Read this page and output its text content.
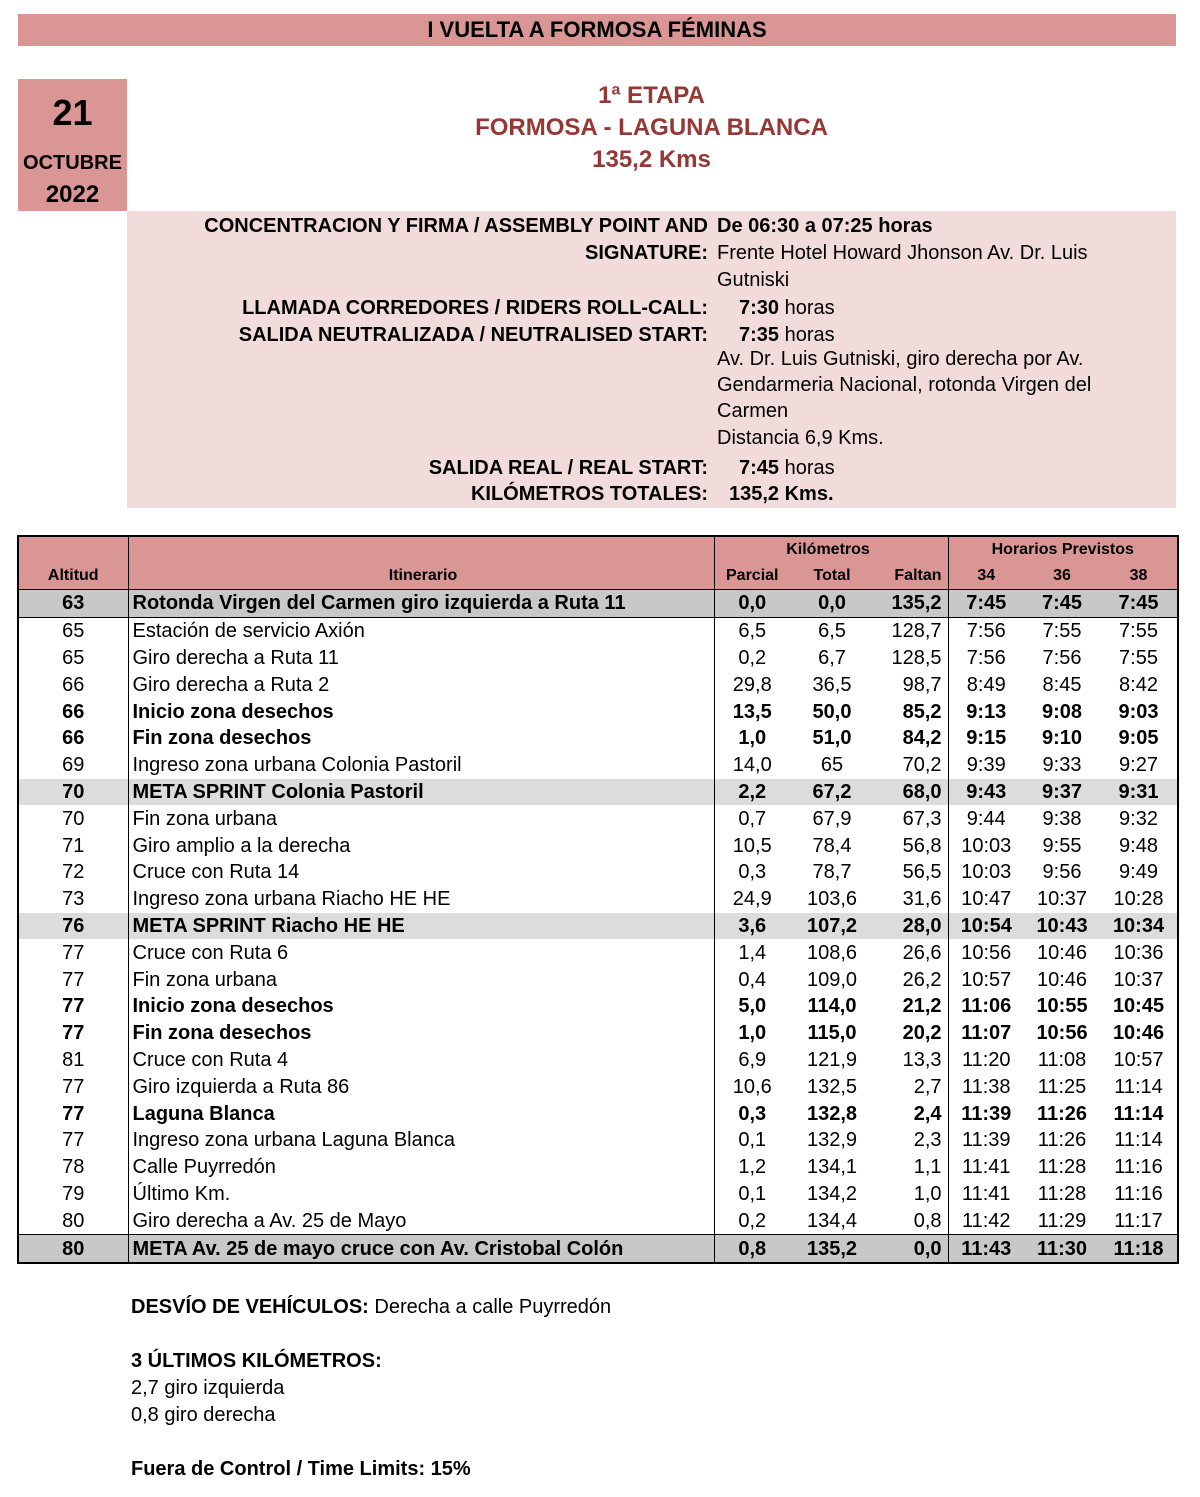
I VUELTA A FORMOSA FÉMINAS
21
OCTUBRE
2022
1ª ETAPA
FORMOSA - LAGUNA BLANCA
135,2 Kms
CONCENTRACION Y FIRMA / ASSEMBLY POINT AND De 06:30 a 07:25 horas
SIGNATURE: Frente Hotel Howard Jhonson Av. Dr. Luis
Gutniski
LLAMADA CORREDORES / RIDERS ROLL-CALL: 7:30 horas
SALIDA NEUTRALIZADA / NEUTRALISED START: 7:35 horas
Av. Dr. Luis Gutniski, giro derecha por Av.
Gendarmeria Nacional, rotonda Virgen del
Carmen
Distancia 6,9 Kms.
SALIDA REAL / REAL START: 7:45 horas
KILÓMETROS TOTALES: 135,2 Kms.
		Kilómetros			Horarios Previstos		
Altitud	Itinerario	Parcial	Total	Faltan	34	36	38
63	Rotonda Virgen del Carmen giro izquierda a Ruta 11	0,0	0,0	135,2	7:45	7:45	7:45
65	Estación de servicio Axión	6,5	6,5	128,7	7:56	7:55	7:55
65	Giro derecha a Ruta 11	0,2	6,7	128,5	7:56	7:56	7:55
66	Giro derecha a Ruta 2	29,8	36,5	98,7	8:49	8:45	8:42
66	Inicio zona desechos	13,5	50,0	85,2	9:13	9:08	9:03
66	Fin zona desechos	1,0	51,0	84,2	9:15	9:10	9:05
69	Ingreso zona urbana Colonia Pastoril	14,0	65	70,2	9:39	9:33	9:27
70	META SPRINT Colonia Pastoril	2,2	67,2	68,0	9:43	9:37	9:31
70	Fin zona urbana	0,7	67,9	67,3	9:44	9:38	9:32
71	Giro amplio a la derecha	10,5	78,4	56,8	10:03	9:55	9:48
72	Cruce con Ruta 14	0,3	78,7	56,5	10:03	9:56	9:49
73	Ingreso zona urbana Riacho HE HE	24,9	103,6	31,6	10:47	10:37	10:28
76	META SPRINT Riacho HE HE	3,6	107,2	28,0	10:54	10:43	10:34
77	Cruce con Ruta 6	1,4	108,6	26,6	10:56	10:46	10:36
77	Fin zona urbana	0,4	109,0	26,2	10:57	10:46	10:37
77	Inicio zona desechos	5,0	114,0	21,2	11:06	10:55	10:45
77	Fin zona desechos	1,0	115,0	20,2	11:07	10:56	10:46
81	Cruce con Ruta 4	6,9	121,9	13,3	11:20	11:08	10:57
77	Giro izquierda a Ruta 86	10,6	132,5	2,7	11:38	11:25	11:14
77	Laguna Blanca	0,3	132,8	2,4	11:39	11:26	11:14
77	Ingreso zona urbana Laguna Blanca	0,1	132,9	2,3	11:39	11:26	11:14
78	Calle Puyrredón	1,2	134,1	1,1	11:41	11:28	11:16
79	Último Km.	0,1	134,2	1,0	11:41	11:28	11:16
80	Giro derecha a Av. 25 de Mayo	0,2	134,4	0,8	11:42	11:29	11:17
80	META Av. 25 de mayo cruce con Av. Cristobal Colón	0,8	135,2	0,0	11:43	11:30	11:18
DESVÍO DE VEHÍCULOS: Derecha a calle Puyrredón
3 ÚLTIMOS KILÓMETROS:
2,7 giro izquierda
0,8 giro derecha
Fuera de Control / Time Limits: 15%
